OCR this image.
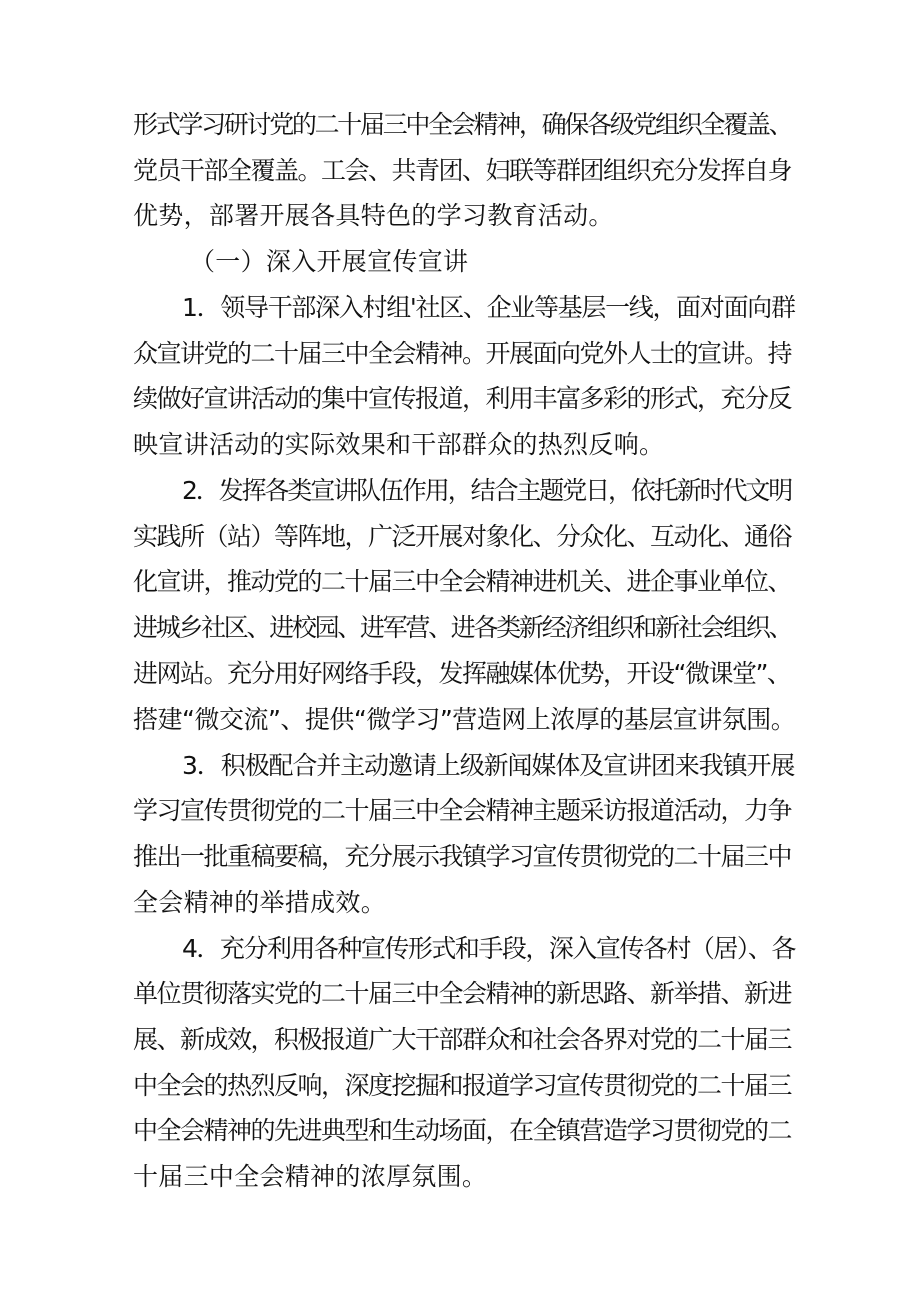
形式学习研讨党的二十届三中全会精神，确保各级党组织全覆盖、
党员干部全覆盖。工会、共青团、妇联等群团组织充分发挥自身
优势，部署开展各具特色的学习教育活动。
（一）深入开展宣传宣讲
1．领导干部深入村组'社区、企业等基层一线，面对面向群
众宣讲党的二十届三中全会精神。开展面向党外人士的宣讲。持
续做好宣讲活动的集中宣传报道，利用丰富多彩的形式，充分反
映宣讲活动的实际效果和干部群众的热烈反响。
2．发挥各类宣讲队伍作用，结合主题党日，依托新时代文明
实践所（站）等阵地，广泛开展对象化、分众化、互动化、通俗
化宣讲，推动党的二十届三中全会精神进机关、进企事业单位、
进城乡社区、进校园、进军营、进各类新经济组织和新社会组织、
进网站。充分用好网络手段，发挥融媒体优势，开设“微课堂”、
搭建“微交流”、提供“微学习”营造网上浓厚的基层宣讲氛围。
3．积极配合并主动邀请上级新闻媒体及宣讲团来我镇开展
学习宣传贯彻党的二十届三中全会精神主题采访报道活动，力争
推出一批重稿要稿，充分展示我镇学习宣传贯彻党的二十届三中
全会精神的举措成效。
4．充分利用各种宣传形式和手段，深入宣传各村（居）、各
单位贯彻落实党的二十届三中全会精神的新思路、新举措、新进
展、新成效，积极报道广大干部群众和社会各界对党的二十届三
中全会的热烈反响，深度挖掘和报道学习宣传贯彻党的二十届三
中全会精神的先进典型和生动场面，在全镇营造学习贯彻党的二
十届三中全会精神的浓厚氛围。
